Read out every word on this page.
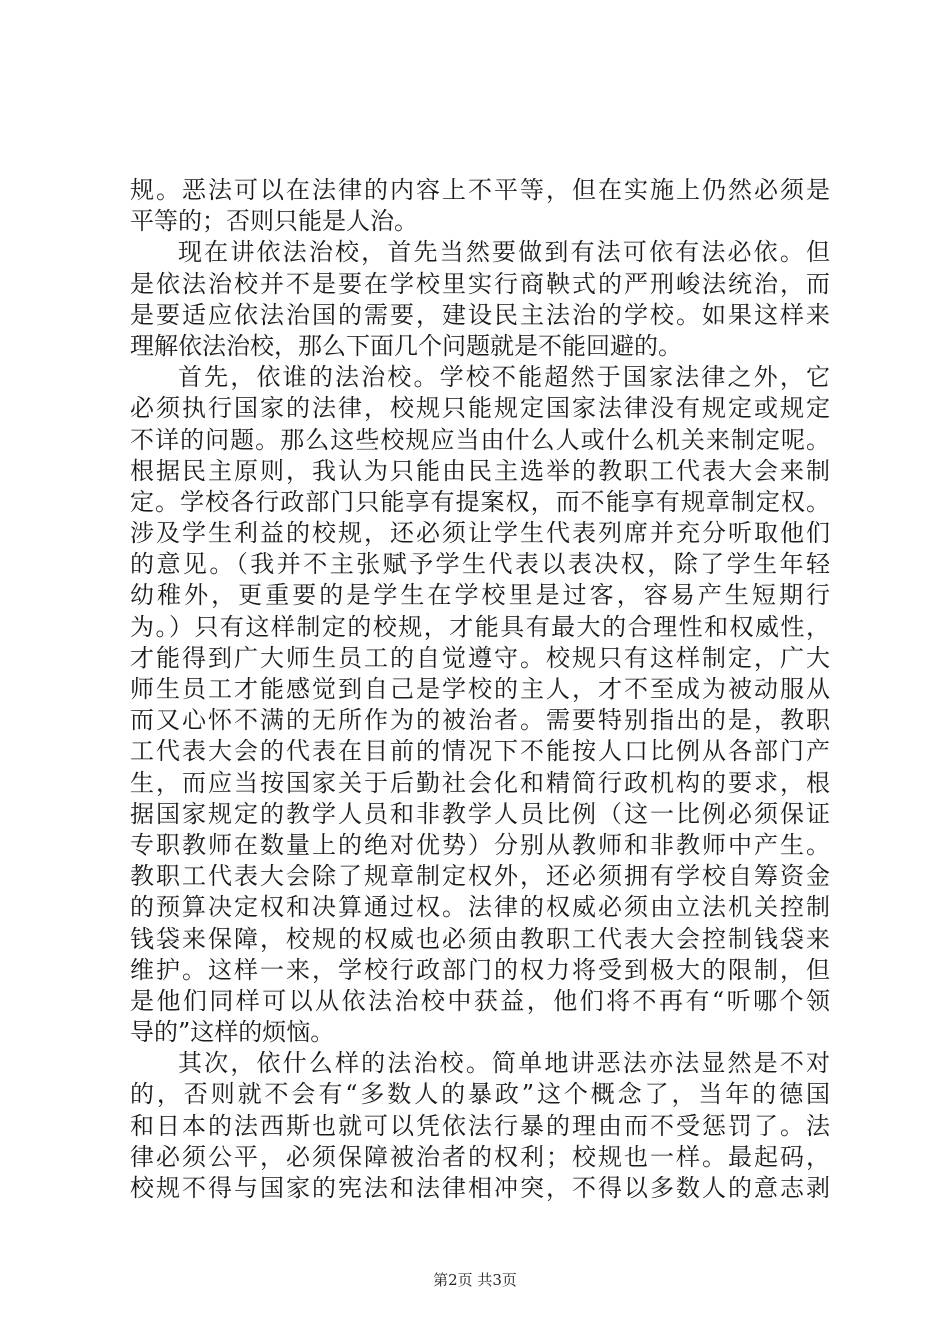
规。恶法可以在法律的内容上不平等，但在实施上仍然必须是
平等的；否则只能是人治。
现在讲依法治校，首先当然要做到有法可依有法必依。但
是依法治校并不是要在学校里实行商鞅式的严刑峻法统治，而
是要适应依法治国的需要，建设民主法治的学校。如果这样来
理解依法治校，那么下面几个问题就是不能回避的。
首先，依谁的法治校。学校不能超然于国家法律之外，它
必须执行国家的法律，校规只能规定国家法律没有规定或规定
不详的问题。那么这些校规应当由什么人或什么机关来制定呢。
根据民主原则，我认为只能由民主选举的教职工代表大会来制
定。学校各行政部门只能享有提案权，而不能享有规章制定权。
涉及学生利益的校规，还必须让学生代表列席并充分听取他们
的意见。（我并不主张赋予学生代表以表决权，除了学生年轻
幼稚外，更重要的是学生在学校里是过客，容易产生短期行
为。）只有这样制定的校规，才能具有最大的合理性和权威性，
才能得到广大师生员工的自觉遵守。校规只有这样制定，广大
师生员工才能感觉到自己是学校的主人，才不至成为被动服从
而又心怀不满的无所作为的被治者。需要特别指出的是，教职
工代表大会的代表在目前的情况下不能按人口比例从各部门产
生，而应当按国家关于后勤社会化和精简行政机构的要求，根
据国家规定的教学人员和非教学人员比例（这一比例必须保证
专职教师在数量上的绝对优势）分别从教师和非教师中产生。
教职工代表大会除了规章制定权外，还必须拥有学校自筹资金
的预算决定权和决算通过权。法律的权威必须由立法机关控制
钱袋来保障，校规的权威也必须由教职工代表大会控制钱袋来
维护。这样一来，学校行政部门的权力将受到极大的限制，但
是他们同样可以从依法治校中获益，他们将不再有“听哪个领
导的”这样的烦恼。
其次，依什么样的法治校。简单地讲恶法亦法显然是不对
的，否则就不会有“多数人的暴政”这个概念了，当年的德国
和日本的法西斯也就可以凭依法行暴的理由而不受惩罚了。法
律必须公平，必须保障被治者的权利；校规也一样。最起码，
校规不得与国家的宪法和法律相冲突，不得以多数人的意志剥
第2页 共3页
